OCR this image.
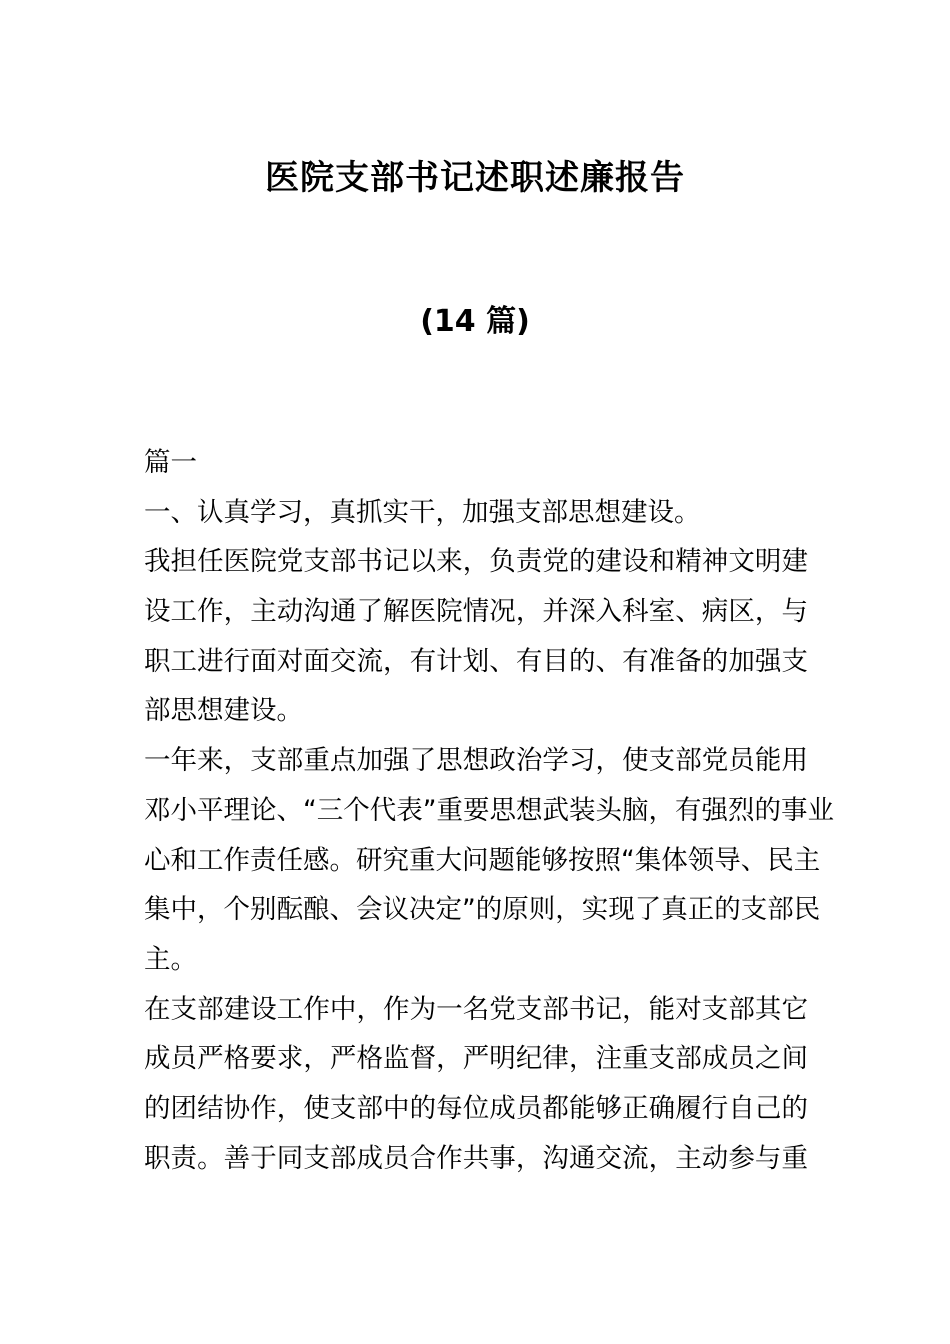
医院支部书记述职述廉报告
(14 篇)
篇一
一、认真学习，真抓实干，加强支部思想建设。
我担任医院党支部书记以来，负责党的建设和精神文明建
设工作，主动沟通了解医院情况，并深入科室、病区，与
职工进行面对面交流，有计划、有目的、有准备的加强支
部思想建设。
一年来，支部重点加强了思想政治学习，使支部党员能用
邓小平理论、“三个代表”重要思想武装头脑，有强烈的事业
心和工作责任感。研究重大问题能够按照“集体领导、民主
集中，个别酝酿、会议决定”的原则，实现了真正的支部民
主。
在支部建设工作中，作为一名党支部书记，能对支部其它
成员严格要求，严格监督，严明纪律，注重支部成员之间
的团结协作，使支部中的每位成员都能够正确履行自己的
职责。善于同支部成员合作共事，沟通交流，主动参与重
